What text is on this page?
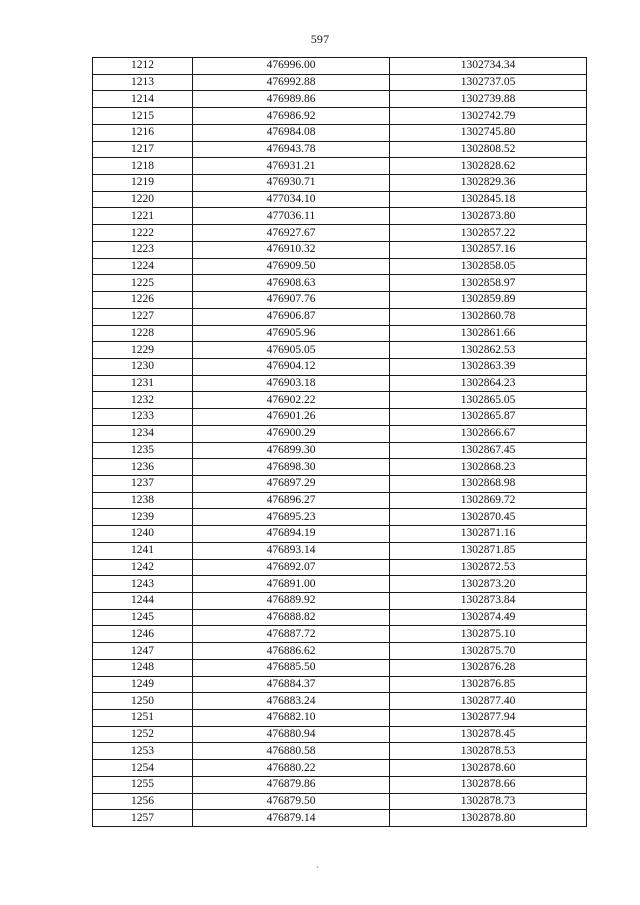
597
1212	476996.00	1302734.34
1213	476992.88	1302737.05
1214	476989.86	1302739.88
1215	476986.92	1302742.79
1216	476984.08	1302745.80
1217	476943.78	1302808.52
1218	476931.21	1302828.62
1219	476930.71	1302829.36
1220	477034.10	1302845.18
1221	477036.11	1302873.80
1222	476927.67	1302857.22
1223	476910.32	1302857.16
1224	476909.50	1302858.05
1225	476908.63	1302858.97
1226	476907.76	1302859.89
1227	476906.87	1302860.78
1228	476905.96	1302861.66
1229	476905.05	1302862.53
1230	476904.12	1302863.39
1231	476903.18	1302864.23
1232	476902.22	1302865.05
1233	476901.26	1302865.87
1234	476900.29	1302866.67
1235	476899.30	1302867.45
1236	476898.30	1302868.23
1237	476897.29	1302868.98
1238	476896.27	1302869.72
1239	476895.23	1302870.45
1240	476894.19	1302871.16
1241	476893.14	1302871.85
1242	476892.07	1302872.53
1243	476891.00	1302873.20
1244	476889.92	1302873.84
1245	476888.82	1302874.49
1246	476887.72	1302875.10
1247	476886.62	1302875.70
1248	476885.50	1302876.28
1249	476884.37	1302876.85
1250	476883.24	1302877.40
1251	476882.10	1302877.94
1252	476880.94	1302878.45
1253	476880.58	1302878.53
1254	476880.22	1302878.60
1255	476879.86	1302878.66
1256	476879.50	1302878.73
1257	476879.14	1302878.80
ˏ
